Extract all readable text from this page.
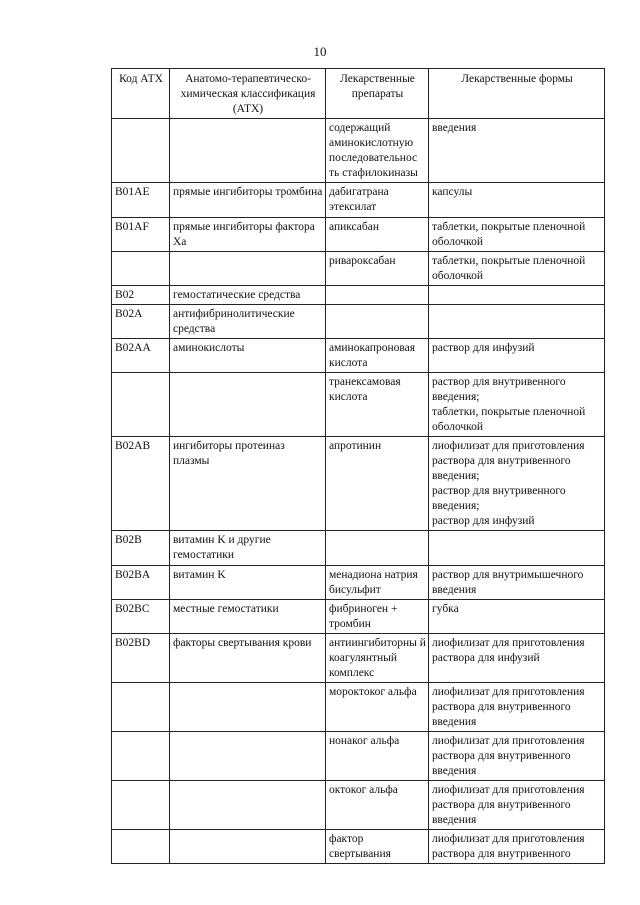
10
Код АТХ	Анатомо-терапевтическо-химическая классификация (АТХ)	Лекарственные препараты	Лекарственные формы
		содержащий аминокислотную последовательнос ть стафилокиназы	введения
B01AE	прямые ингибиторы тромбина	дабигатрана этексилат	капсулы
B01AF	прямые ингибиторы фактора Xa	апиксабан	таблетки, покрытые пленочной оболочкой
		ривароксабан	таблетки, покрытые пленочной оболочкой
B02	гемостатические средства		
B02A	антифибринолитические средства		
B02AA	аминокислоты	аминокапроновая кислота	раствор для инфузий
		транексамовая кислота	раствор для внутривенного введения;
таблетки, покрытые пленочной оболочкой
B02AB	ингибиторы протеиназ плазмы	апротинин	лиофилизат для приготовления раствора для внутривенного введения;
раствор для внутривенного введения;
раствор для инфузий
B02B	витамин K и другие гемостатики		
B02BA	витамин K	менадиона натрия бисульфит	раствор для внутримышечного введения
B02BC	местные гемостатики	фибриноген + тромбин	губка
B02BD	факторы свертывания крови	антиингибиторны й коагулянтный комплекс	лиофилизат для приготовления раствора для инфузий
		мороктоког альфа	лиофилизат для приготовления раствора для внутривенного введения
		нонаког альфа	лиофилизат для приготовления раствора для внутривенного введения
		октоког альфа	лиофилизат для приготовления раствора для внутривенного введения
		фактор свертывания	лиофилизат для приготовления раствора для внутривенного
